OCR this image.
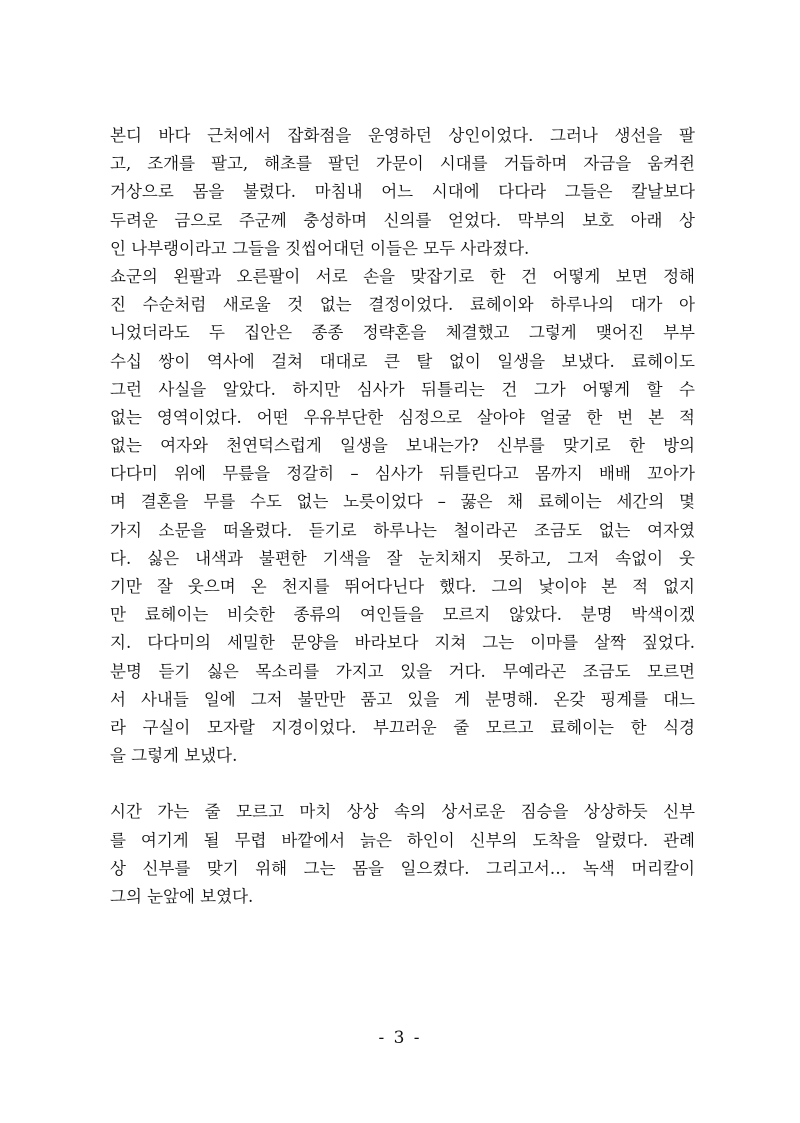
본디 바다 근처에서 잡화점을 운영하던 상인이었다. 그러나 생선을 팔
고, 조개를 팔고, 해초를 팔던 가문이 시대를 거듭하며 자금을 움켜쥔
거상으로 몸을 불렸다. 마침내 어느 시대에 다다라 그들은 칼날보다
두려운 금으로 주군께 충성하며 신의를 얻었다. 막부의 보호 아래 상
인 나부랭이라고 그들을 짓씹어대던 이들은 모두 사라졌다.
쇼군의 왼팔과 오른팔이 서로 손을 맞잡기로 한 건 어떻게 보면 정해
진 수순처럼 새로울 것 없는 결정이었다. 료헤이와 하루나의 대가 아
니었더라도 두 집안은 종종 정략혼을 체결했고 그렇게 맺어진 부부
수십 쌍이 역사에 걸쳐 대대로 큰 탈 없이 일생을 보냈다. 료헤이도
그런 사실을 알았다. 하지만 심사가 뒤틀리는 건 그가 어떻게 할 수
없는 영역이었다. 어떤 우유부단한 심정으로 살아야 얼굴 한 번 본 적
없는 여자와 천연덕스럽게 일생을 보내는가? 신부를 맞기로 한 방의
다다미 위에 무릎을 정갈히 – 심사가 뒤틀린다고 몸까지 배배 꼬아가
며 결혼을 무를 수도 없는 노릇이었다 – 꿇은 채 료헤이는 세간의 몇
가지 소문을 떠올렸다. 듣기로 하루나는 철이라곤 조금도 없는 여자였
다. 싫은 내색과 불편한 기색을 잘 눈치채지 못하고, 그저 속없이 웃
기만 잘 웃으며 온 천지를 뛰어다닌다 했다. 그의 낯이야 본 적 없지
만 료헤이는 비슷한 종류의 여인들을 모르지 않았다. 분명 박색이겠
지. 다다미의 세밀한 문양을 바라보다 지쳐 그는 이마를 살짝 짚었다.
분명 듣기 싫은 목소리를 가지고 있을 거다. 무예라곤 조금도 모르면
서 사내들 일에 그저 불만만 품고 있을 게 분명해. 온갖 핑계를 대느
라 구실이 모자랄 지경이었다. 부끄러운 줄 모르고 료헤이는 한 식경
을 그렇게 보냈다.
시간 가는 줄 모르고 마치 상상 속의 상서로운 짐승을 상상하듯 신부
를 여기게 될 무렵 바깥에서 늙은 하인이 신부의 도착을 알렸다. 관례
상 신부를 맞기 위해 그는 몸을 일으켰다. 그리고서… 녹색 머리칼이
그의 눈앞에 보였다.
- 3 -
